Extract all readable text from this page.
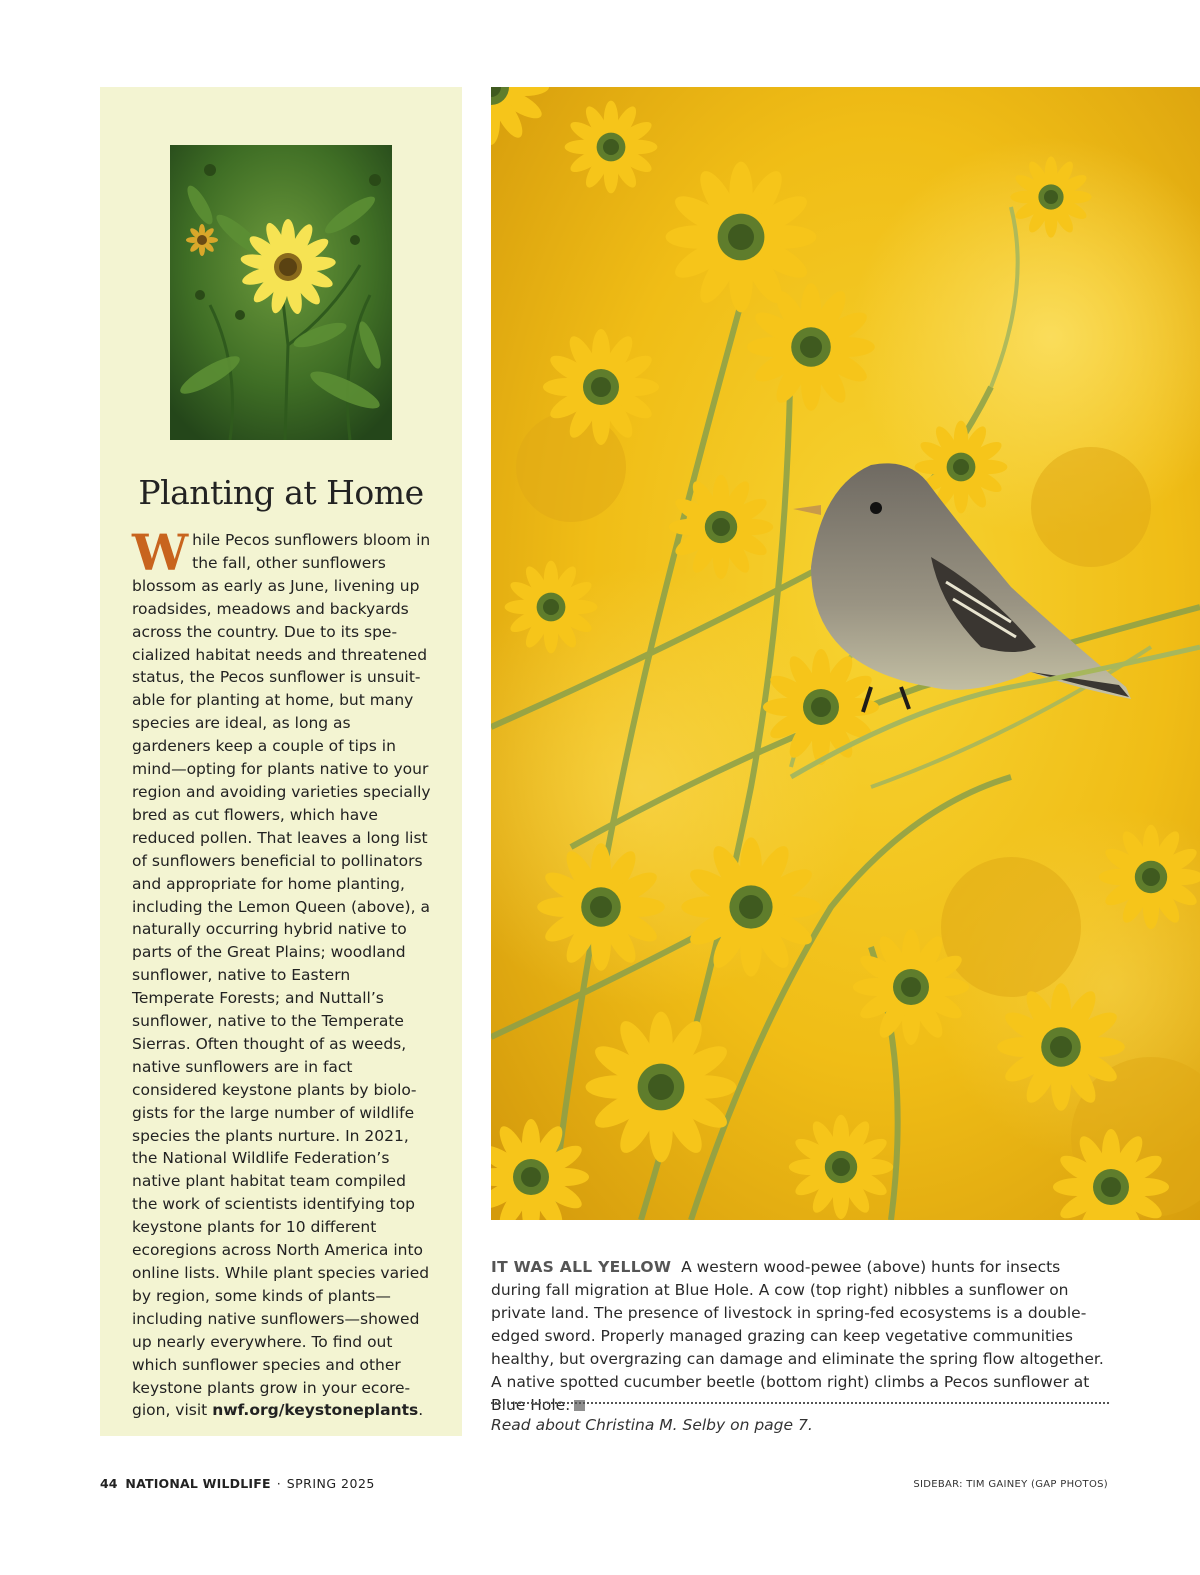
Planting at Home

While Pecos sunflowers bloom in the fall, other sunflowers blossom as early as June, livening up roadsides, meadows and backyards across the country. Due to its specialized habitat needs and threatened status, the Pecos sunflower is unsuitable for planting at home, but many species are ideal, as long as gardeners keep a couple of tips in mind—opting for plants native to your region and avoiding varieties specially bred as cut flowers, which have reduced pollen. That leaves a long list of sunflowers beneficial to pollinators and appropriate for home planting, including the Lemon Queen (above), a naturally occurring hybrid native to parts of the Great Plains; woodland sunflower, native to Eastern Temperate Forests; and Nuttall’s sunflower, native to the Temperate Sierras. Often thought of as weeds, native sunflowers are in fact considered keystone plants by biologists for the large number of wildlife species the plants nurture. In 2021, the National Wildlife Federation’s native plant habitat team compiled the work of scientists identifying top keystone plants for 10 different ecoregions across North America into online lists. While plant species varied by region, some kinds of plants—including native sunflowers—showed up nearly everywhere. To find out which sunflower species and other keystone plants grow in your ecoregion, visit nwf.org/keystoneplants.

IT WAS ALL YELLOW A western wood-pewee (above) hunts for insects during fall migration at Blue Hole. A cow (top right) nibbles a sunflower on private land. The presence of livestock in spring-fed ecosystems is a double-edged sword. Properly managed grazing can keep vegetative communities healthy, but overgrazing can damage and eliminate the spring flow altogether. A native spotted cucumber beetle (bottom right) climbs a Pecos sunflower at Blue Hole.

Read about Christina M. Selby on page 7.

44 NATIONAL WILDLIFE · SPRING 2025	SIDEBAR: TIM GAINEY (GAP PHOTOS)
